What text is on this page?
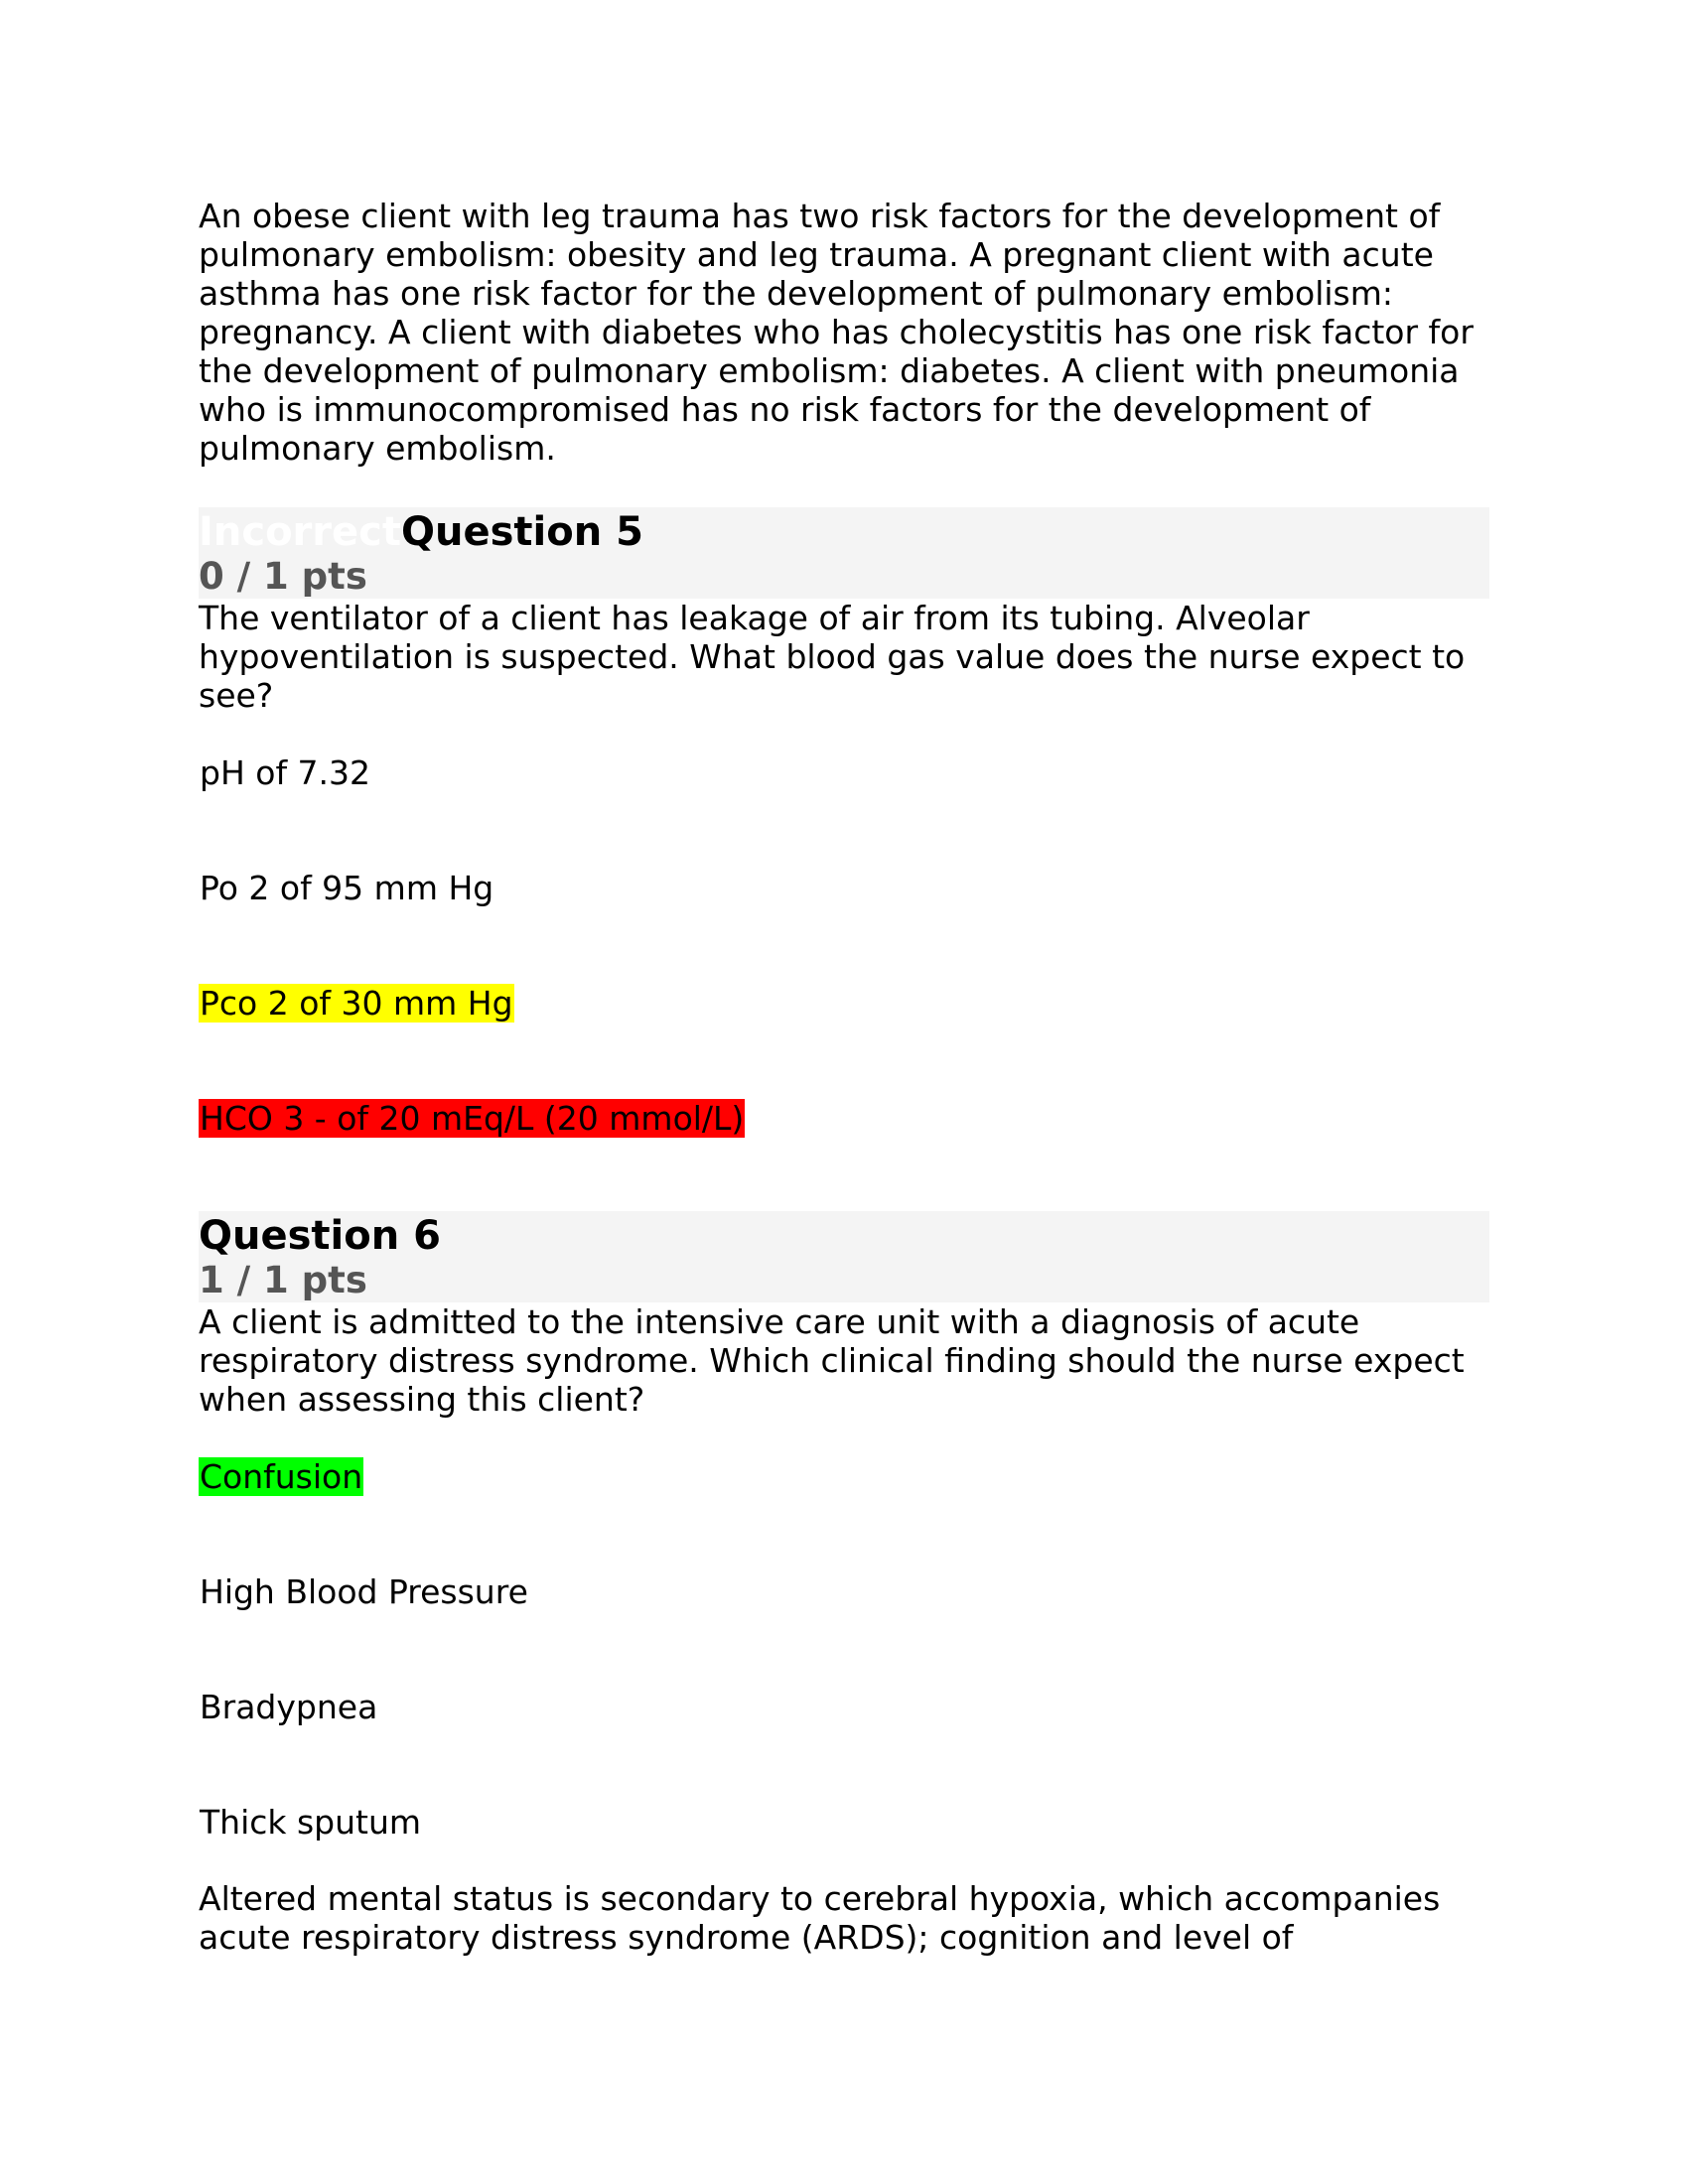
An obese client with leg trauma has two risk factors for the development of pulmonary embolism: obesity and leg trauma. A pregnant client with acute asthma has one risk factor for the development of pulmonary embolism: pregnancy. A client with diabetes who has cholecystitis has one risk factor for the development of pulmonary embolism: diabetes. A client with pneumonia who is immunocompromised has no risk factors for the development of pulmonary embolism.

IncorrectQuestion 5

0 / 1 pts

The ventilator of a client has leakage of air from its tubing. Alveolar hypoventilation is suspected. What blood gas value does the nurse expect to see?

pH of 7.32

Po 2 of 95 mm Hg

Pco 2 of 30 mm Hg

HCO 3 - of 20 mEq/L (20 mmol/L)

Question 6

1 / 1 pts

A client is admitted to the intensive care unit with a diagnosis of acute respiratory distress syndrome. Which clinical finding should the nurse expect when assessing this client?

Confusion

High Blood Pressure

Bradypnea

Thick sputum

Altered mental status is secondary to cerebral hypoxia, which accompanies acute respiratory distress syndrome (ARDS); cognition and level of
